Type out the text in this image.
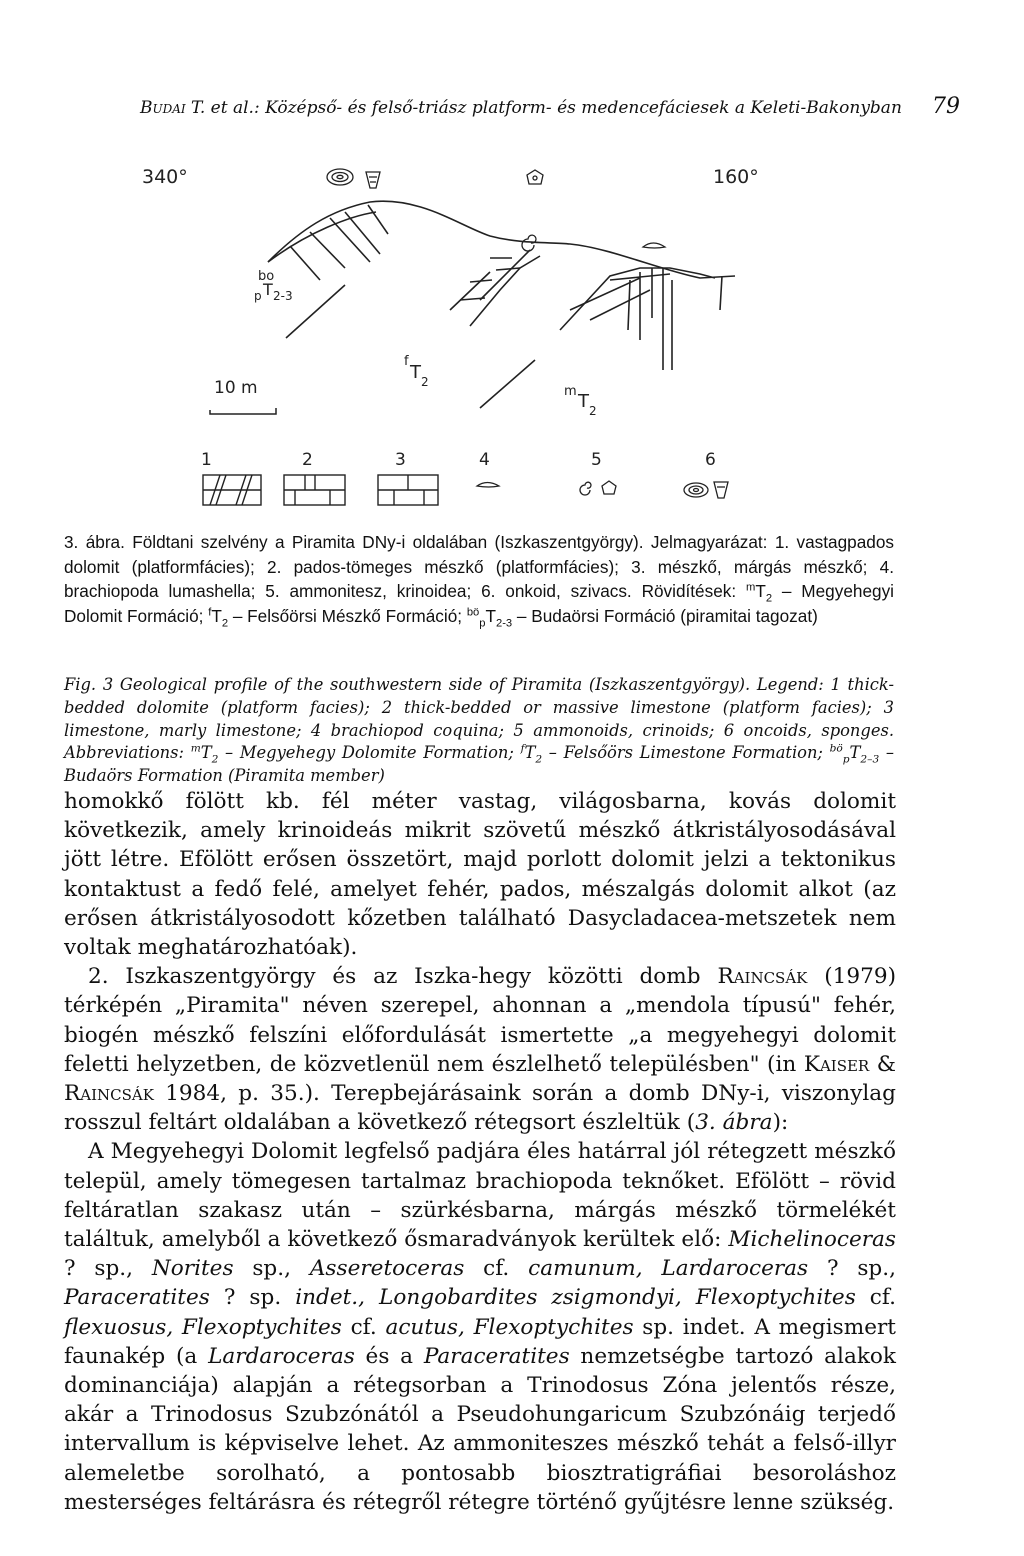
Budai T. et al.: Középső- és felső-triász platform- és medencefáciesek a Keleti-Bakonyban 79
340°	160°
bo
p T 2-3
f
T 2
m T 2
10 m
1	2	3	4	5	6
3. ábra. Földtani szelvény a Piramita DNy-i oldalában (Iszkaszentgyörgy). Jelmagyarázat: 1. vastagpados dolomit (platformfácies); 2. pados-tömeges mészkő (platformfácies); 3. mészkő, márgás mészkő; 4. brachiopoda lumashella; 5. ammonitesz, krinoidea; 6. onkoid, szivacs. Rövidítések: $^mT_2$ – Megyehegyi Dolomit Formáció; $^fT_2$ – Felsőörsi Mészkő Formáció; $^{bö}_pT_{2-3}$ – Budaörsi Formáció (piramitai tagozat)
Fig. 3 Geological profile of the southwestern side of Piramita (Iszkaszentgyörgy). Legend: 1 thick-bedded dolomite (platform facies); 2 thick-bedded or massive limestone (platform facies); 3 limestone, marly limestone; 4 brachiopod coquina; 5 ammonoids, crinoids; 6 oncoids, sponges. Abbreviations: $^mT_2$ – Megyehegy Dolomite Formation; $^fT_2$ – Felsőörs Limestone Formation; $^{bö}_pT_{2-3}$ – Budaörs Formation (Piramita member)

homokkő fölött kb. fél méter vastag, világosbarna, kovás dolomit következik, amely krinoideás mikrit szövetű mészkő átkristályosodásával jött létre. Efölött erősen összetört, majd porlott dolomit jelzi a tektonikus kontaktust a fedő felé, amelyet fehér, pados, mészalgás dolomit alkot (az erősen átkristályosodott kőzetben található Dasycladacea-metszetek nem voltak meghatározhatóak).

2. Iszkaszentgyörgy és az Iszka-hegy közötti domb Raincsák (1979) térképén „Piramita" néven szerepel, ahonnan a „mendola típusú" fehér, biogén mészkő felszíni előfordulását ismertette „a megyehegyi dolomit feletti helyzetben, de közvetlenül nem észlelhető településben" (in Kaiser & Raincsák 1984, p. 35.). Terepbejárásaink során a domb DNy-i, viszonylag rosszul feltárt oldalában a következő rétegsort észleltük (3. ábra):

A Megyehegyi Dolomit legfelső padjára éles határral jól rétegzett mészkő települ, amely tömegesen tartalmaz brachiopoda teknőket. Efölött – rövid feltáratlan szakasz után – szürkésbarna, márgás mészkő törmelékét találtuk, amelyből a következő ősmaradványok kerültek elő: Michelinoceras ? sp., Norites sp., Asseretoceras cf. camunum, Lardaroceras ? sp., Paraceratites ? sp. indet., Longobardites zsigmondyi, Flexoptychites cf. flexuosus, Flexoptychites cf. acutus, Flexoptychites sp. indet. A megismert faunakép (a Lardaroceras és a Paraceratites nemzetségbe tartozó alakok dominanciája) alapján a rétegsorban a Trinodosus Zóna jelentős része, akár a Trinodosus Szubzónától a Pseudohungaricum Szubzónáig terjedő intervallum is képviselve lehet. Az ammoniteszes mészkő tehát a felső-illyr alemeletbe sorolható, a pontosabb biosztratigráfiai besoroláshoz mesterséges feltárásra és rétegről rétegre történő gyűjtésre lenne szükség.
